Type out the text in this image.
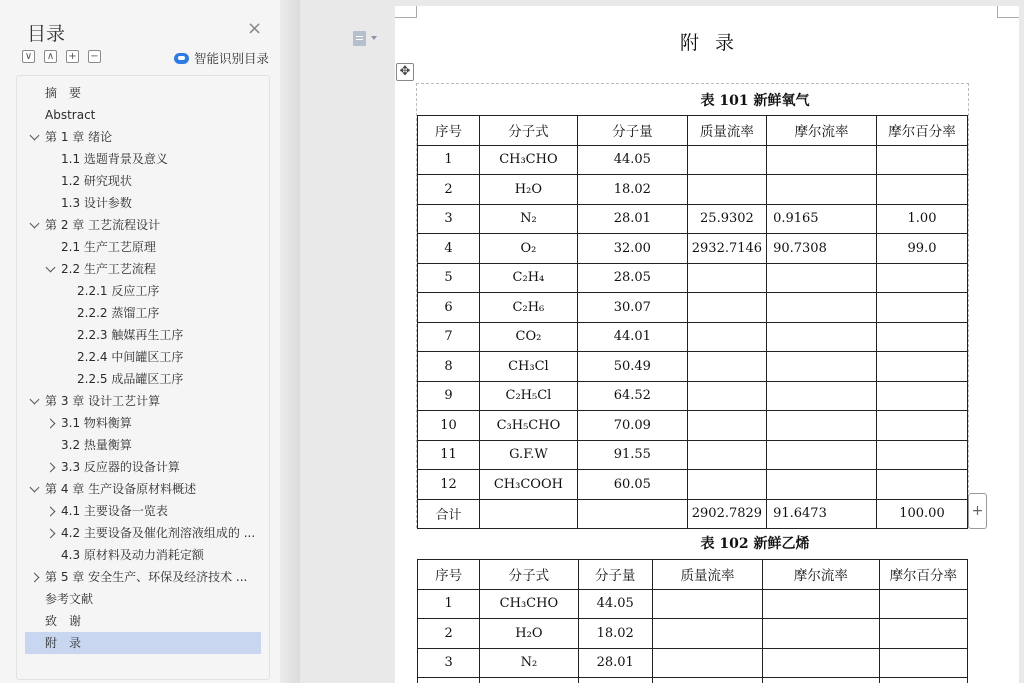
目录	×
∨ ∧ + −	智能识别目录
摘　要
Abstract
第 1 章 绪论
1.1 选题背景及意义
1.2 研究现状
1.3 设计参数
第 2 章 工艺流程设计
2.1 生产工艺原理
2.2 生产工艺流程
2.2.1 反应工序
2.2.2 蒸馏工序
2.2.3 触媒再生工序
2.2.4 中间罐区工序
2.2.5 成品罐区工序
第 3 章 设计工艺计算
3.1 物料衡算
3.2 热量衡算
3.3 反应器的设备计算
第 4 章 生产设备原材料概述
4.1 主要设备一览表
4.2 主要设备及催化剂溶液组成的 ...
4.3 原材料及动力消耗定额
第 5 章 安全生产、环保及经济技术 ...
参考文献
致　谢
附　录
附录
✥
表 101 新鲜氧气
序号	分子式	分子量	质量流率	摩尔流率	摩尔百分率
1	CH₃CHO	44.05			
2	H₂O	18.02			
3	N₂	28.01	25.9302	0.9165	1.00
4	O₂	32.00	2932.7146	90.7308	99.0
5	C₂H₄	28.05			
6	C₂H₆	30.07			
7	CO₂	44.01			
8	CH₃Cl	50.49			
9	C₂H₅Cl	64.52			
10	C₃H₅CHO	70.09			
11	G.F.W	91.55			
12	CH₃COOH	60.05			
合计			2902.7829	91.6473	100.00 +
表 102 新鲜乙烯
序号	分子式	分子量	质量流率	摩尔流率	摩尔百分率
1	CH₃CHO	44.05			
2	H₂O	18.02			
3	N₂	28.01			
